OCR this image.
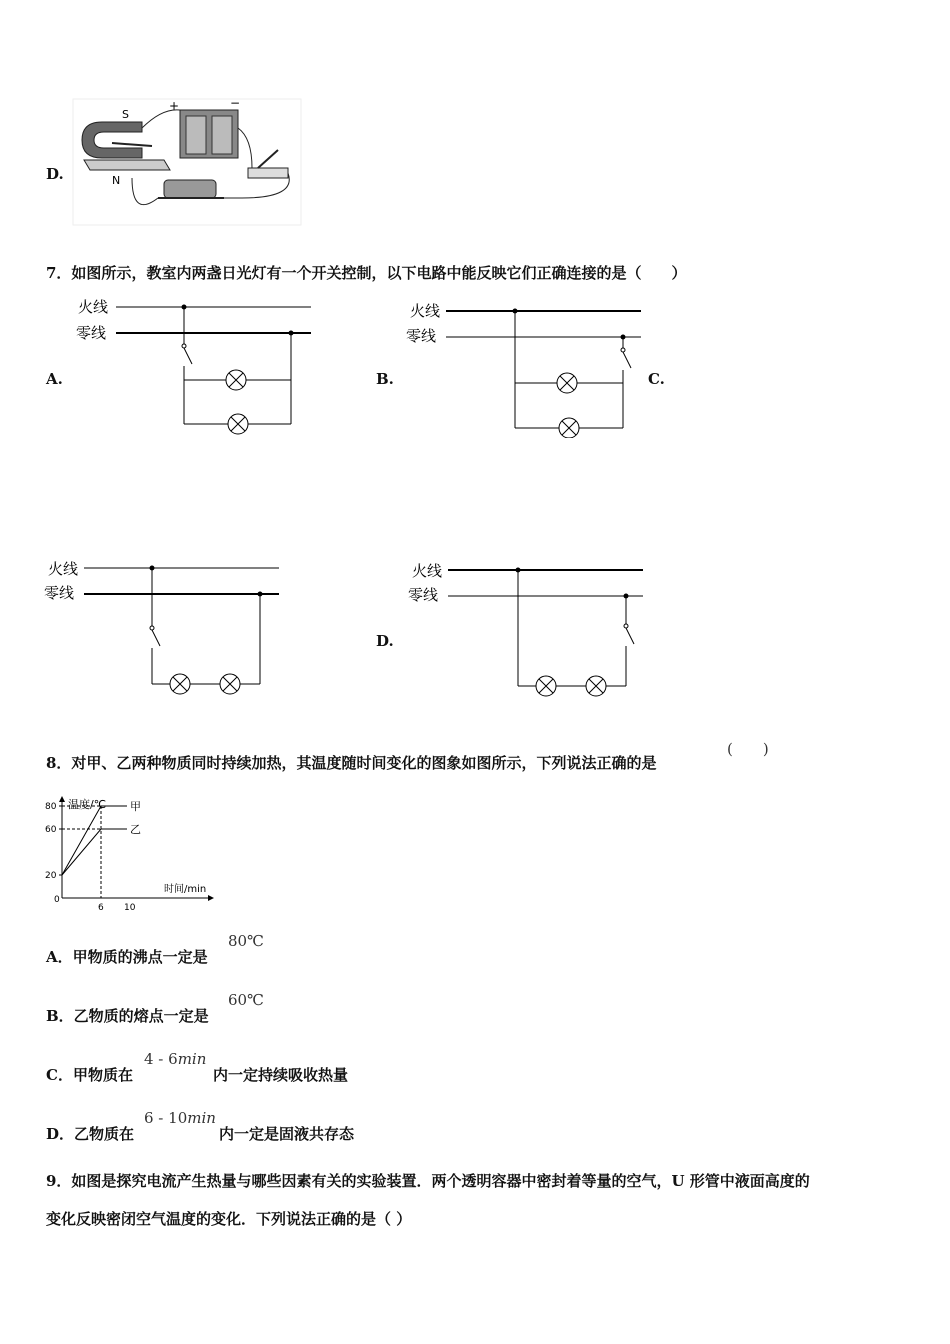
D.
S
N
+	−
7．如图所示，教室内两盏日光灯有一个开关控制，以下电路中能反映它们正确连接的是（　　）
火线
零线
A.
火线
零线
B.	C.
火线
零线
火线
零线
D.
8．对甲、乙两种物质同时持续加热，其温度随时间变化的图象如图所示，下列说法正确的是
(　　)
温度/℃
时间/min
0
80
60
20
6 10
甲
乙
A．甲物质的沸点一定是
80℃
B．乙物质的熔点一定是
60℃
C．甲物质在
4 - 6min
内一定持续吸收热量
D．乙物质在
6 - 10min
内一定是固液共存态
9．如图是探究电流产生热量与哪些因素有关的实验装置．两个透明容器中密封着等量的空气，U 形管中液面高度的
变化反映密闭空气温度的变化．下列说法正确的是（ ）
